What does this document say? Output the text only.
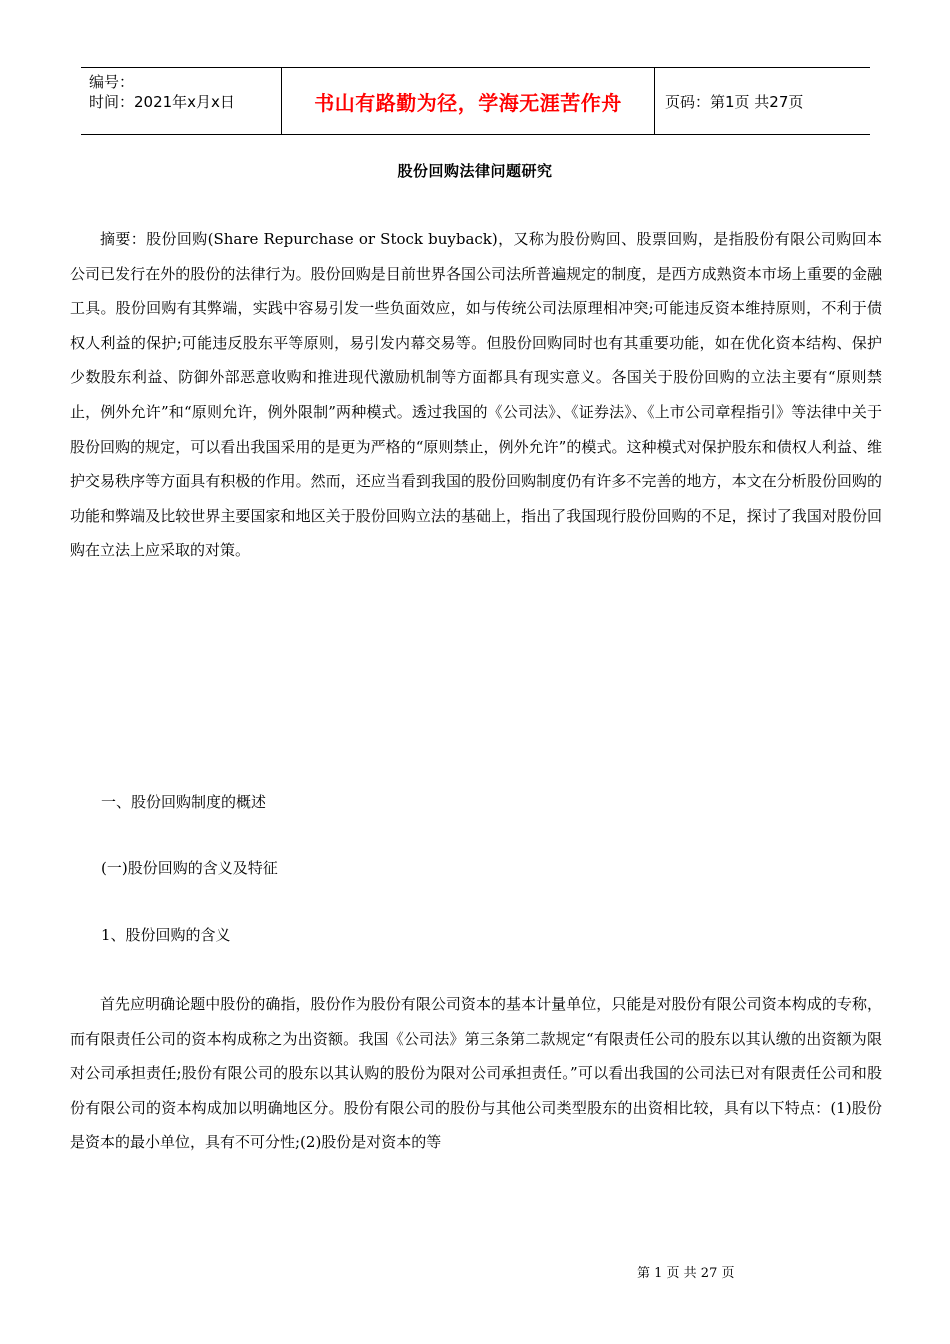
编号：
时间：2021年x月x日	书山有路勤为径，学海无涯苦作舟	页码：第1页 共27页
股份回购法律问题研究

摘要：股份回购(Share Repurchase or Stock buyback)，又称为股份购回、股票回购，是指股份有限公司购回本公司已发行在外的股份的法律行为。股份回购是目前世界各国公司法所普遍规定的制度，是西方成熟资本市场上重要的金融工具。股份回购有其弊端，实践中容易引发一些负面效应，如与传统公司法原理相冲突;可能违反资本维持原则，不利于债权人利益的保护;可能违反股东平等原则，易引发内幕交易等。但股份回购同时也有其重要功能，如在优化资本结构、保护少数股东利益、防御外部恶意收购和推进现代激励机制等方面都具有现实意义。各国关于股份回购的立法主要有“原则禁止，例外允许”和“原则允许，例外限制”两种模式。透过我国的《公司法》、《证券法》、《上市公司章程指引》等法律中关于股份回购的规定，可以看出我国采用的是更为严格的“原则禁止，例外允许”的模式。这种模式对保护股东和债权人利益、维护交易秩序等方面具有积极的作用。然而，还应当看到我国的股份回购制度仍有许多不完善的地方，本文在分析股份回购的功能和弊端及比较世界主要国家和地区关于股份回购立法的基础上，指出了我国现行股份回购的不足，探讨了我国对股份回购在立法上应采取的对策。

一、股份回购制度的概述

(一)股份回购的含义及特征

1、股份回购的含义

首先应明确论题中股份的确指，股份作为股份有限公司资本的基本计量单位，只能是对股份有限公司资本构成的专称，而有限责任公司的资本构成称之为出资额。我国《公司法》第三条第二款规定“有限责任公司的股东以其认缴的出资额为限对公司承担责任;股份有限公司的股东以其认购的股份为限对公司承担责任。”可以看出我国的公司法已对有限责任公司和股份有限公司的资本构成加以明确地区分。股份有限公司的股份与其他公司类型股东的出资相比较，具有以下特点：(1)股份是资本的最小单位，具有不可分性;(2)股份是对资本的等

第 1 页 共 27 页
